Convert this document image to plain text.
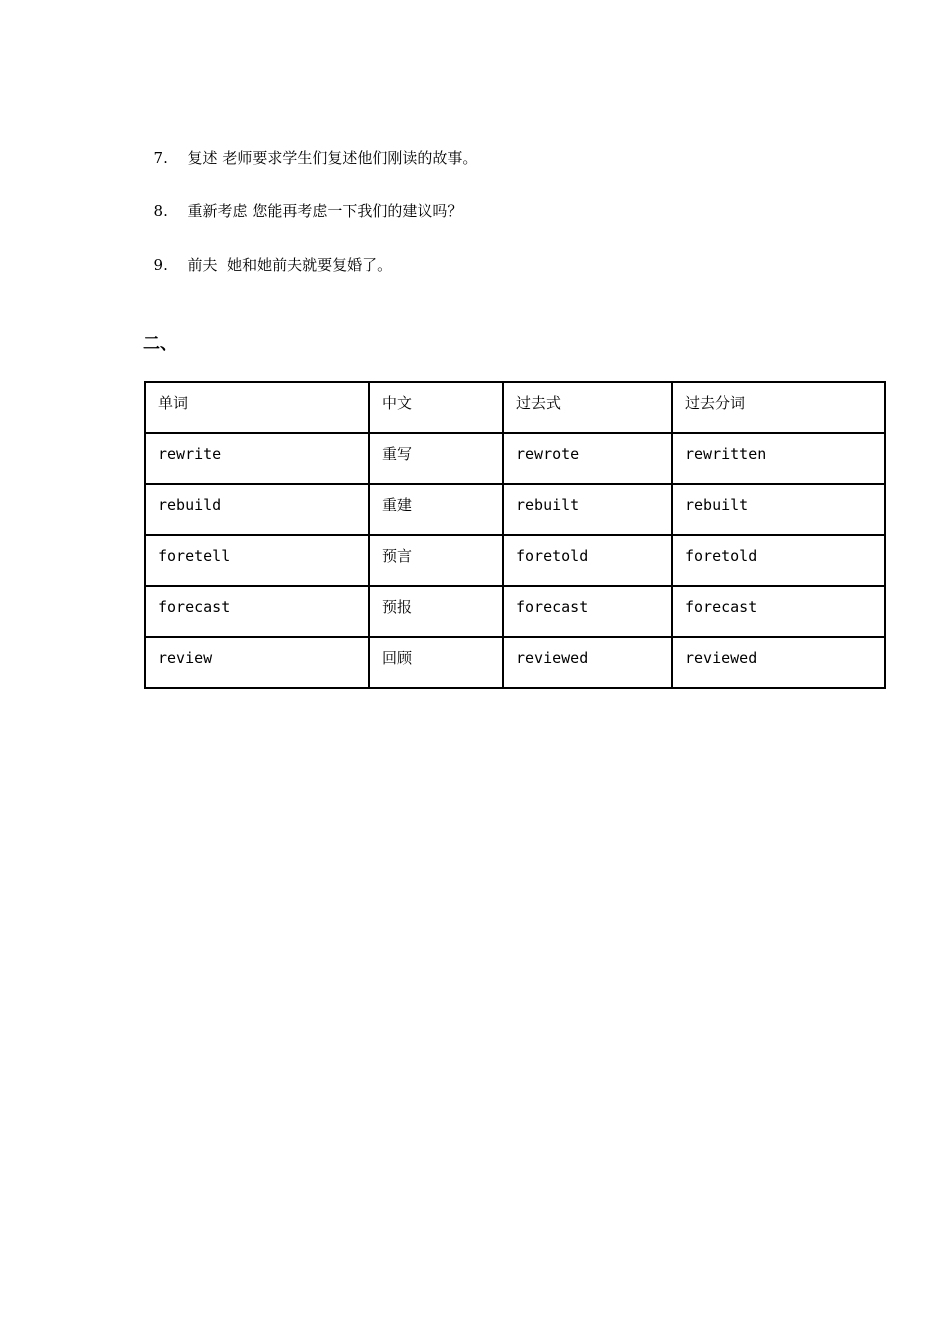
7. 复述 老师要求学生们复述他们刚读的故事。

8. 重新考虑 您能再考虑一下我们的建议吗？

9. 前夫  她和她前夫就要复婚了。

二、
单词	中文	过去式	过去分词
rewrite	重写	rewrote	rewritten
rebuild	重建	rebuilt	rebuilt
foretell	预言	foretold	foretold
forecast	预报	forecast	forecast
review	回顾	reviewed	reviewed
